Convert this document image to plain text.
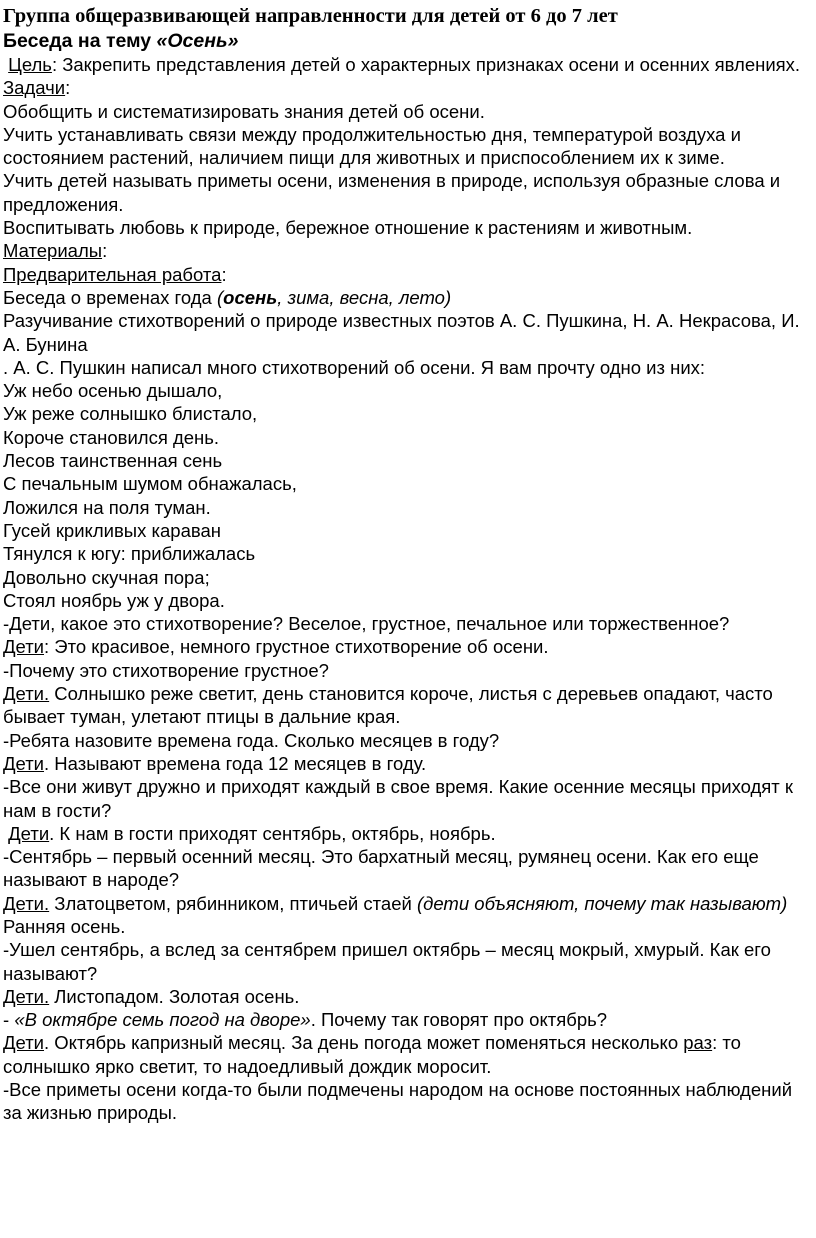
Группа общеразвивающей направленности для детей от 6 до 7 лет

Беседа на тему «Осень»

Цель: Закрепить представления детей о характерных признаках осени и осенних явлениях.

Задачи:

Обобщить и систематизировать знания детей об осени.

Учить устанавливать связи между продолжительностью дня, температурой воздуха и состоянием растений, наличием пищи для животных и приспособлением их к зиме.

Учить детей называть приметы осени, изменения в природе, используя образные слова и предложения.

Воспитывать любовь к природе, бережное отношение к растениям и животным.

Материалы:

Предварительная работа:

Беседа о временах года (осень, зима, весна, лето)

Разучивание стихотворений о природе известных поэтов А. С. Пушкина, Н. А. Некрасова, И. А. Бунина

. А. С. Пушкин написал много стихотворений об осени. Я вам прочту одно из них:

Уж небо осенью дышало,

Уж реже солнышко блистало,

Короче становился день.

Лесов таинственная сень

С печальным шумом обнажалась,

Ложился на поля туман.

Гусей крикливых караван

Тянулся к югу: приближалась

Довольно скучная пора;

Стоял ноябрь уж у двора.

-Дети, какое это стихотворение? Веселое, грустное, печальное или торжественное?

Дети: Это красивое, немного грустное стихотворение об осени.

-Почему это стихотворение грустное?

Дети. Солнышко реже светит, день становится короче, листья с деревьев опадают, часто бывает туман, улетают птицы в дальние края.

-Ребята назовите времена года. Сколько месяцев в году?

Дети. Называют времена года 12 месяцев в году.

-Все они живут дружно и приходят каждый в свое время. Какие осенние месяцы приходят к нам в гости?

Дети. К нам в гости приходят сентябрь, октябрь, ноябрь.

-Сентябрь – первый осенний месяц. Это бархатный месяц, румянец осени. Как его еще называют в народе?

Дети. Златоцветом, рябинником, птичьей стаей (дети объясняют, почему так называют) Ранняя осень.

-Ушел сентябрь, а вслед за сентябрем пришел октябрь – месяц мокрый, хмурый. Как его называют?

Дети. Листопадом. Золотая осень.

- «В октябре семь погод на дворе». Почему так говорят про октябрь?

Дети. Октябрь капризный месяц. За день погода может поменяться несколько раз: то солнышко ярко светит, то надоедливый дождик моросит.

-Все приметы осени когда-то были подмечены народом на основе постоянных наблюдений за жизнью природы.
